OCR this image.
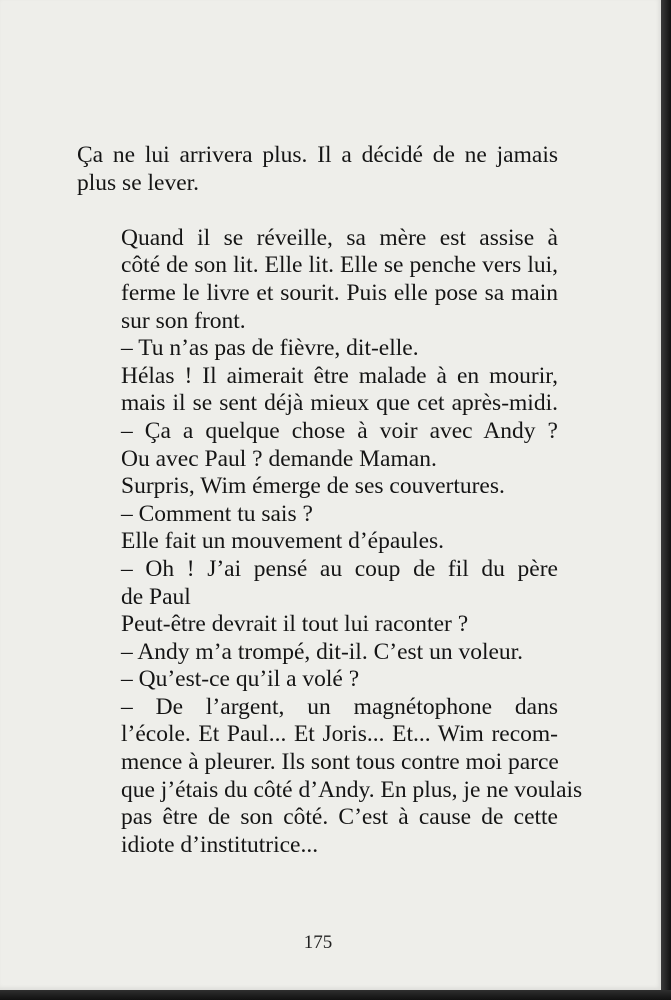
Ça ne lui arrivera plus. Il a décidé de ne jamais
plus se lever.

Quand il se réveille, sa mère est assise à
côté de son lit. Elle lit. Elle se penche vers lui,
ferme le livre et sourit. Puis elle pose sa main
sur son front.

– Tu n’as pas de fièvre, dit-elle.

Hélas ! Il aimerait être malade à en mourir,
mais il se sent déjà mieux que cet après-midi.

– Ça a quelque chose à voir avec Andy ?
Ou avec Paul ? demande Maman.

Surpris, Wim émerge de ses couvertures.

– Comment tu sais ?

Elle fait un mouvement d’épaules.

– Oh ! J’ai pensé au coup de fil du père
de Paul

Peut-être devrait il tout lui raconter ?

– Andy m’a trompé, dit-il. C’est un voleur.

– Qu’est-ce qu’il a volé ?

– De l’argent, un magnétophone dans
l’école. Et Paul... Et Joris... Et... Wim recom-
mence à pleurer. Ils sont tous contre moi parce
que j’étais du côté d’Andy. En plus, je ne voulais
pas être de son côté. C’est à cause de cette
idiote d’institutrice...

175
